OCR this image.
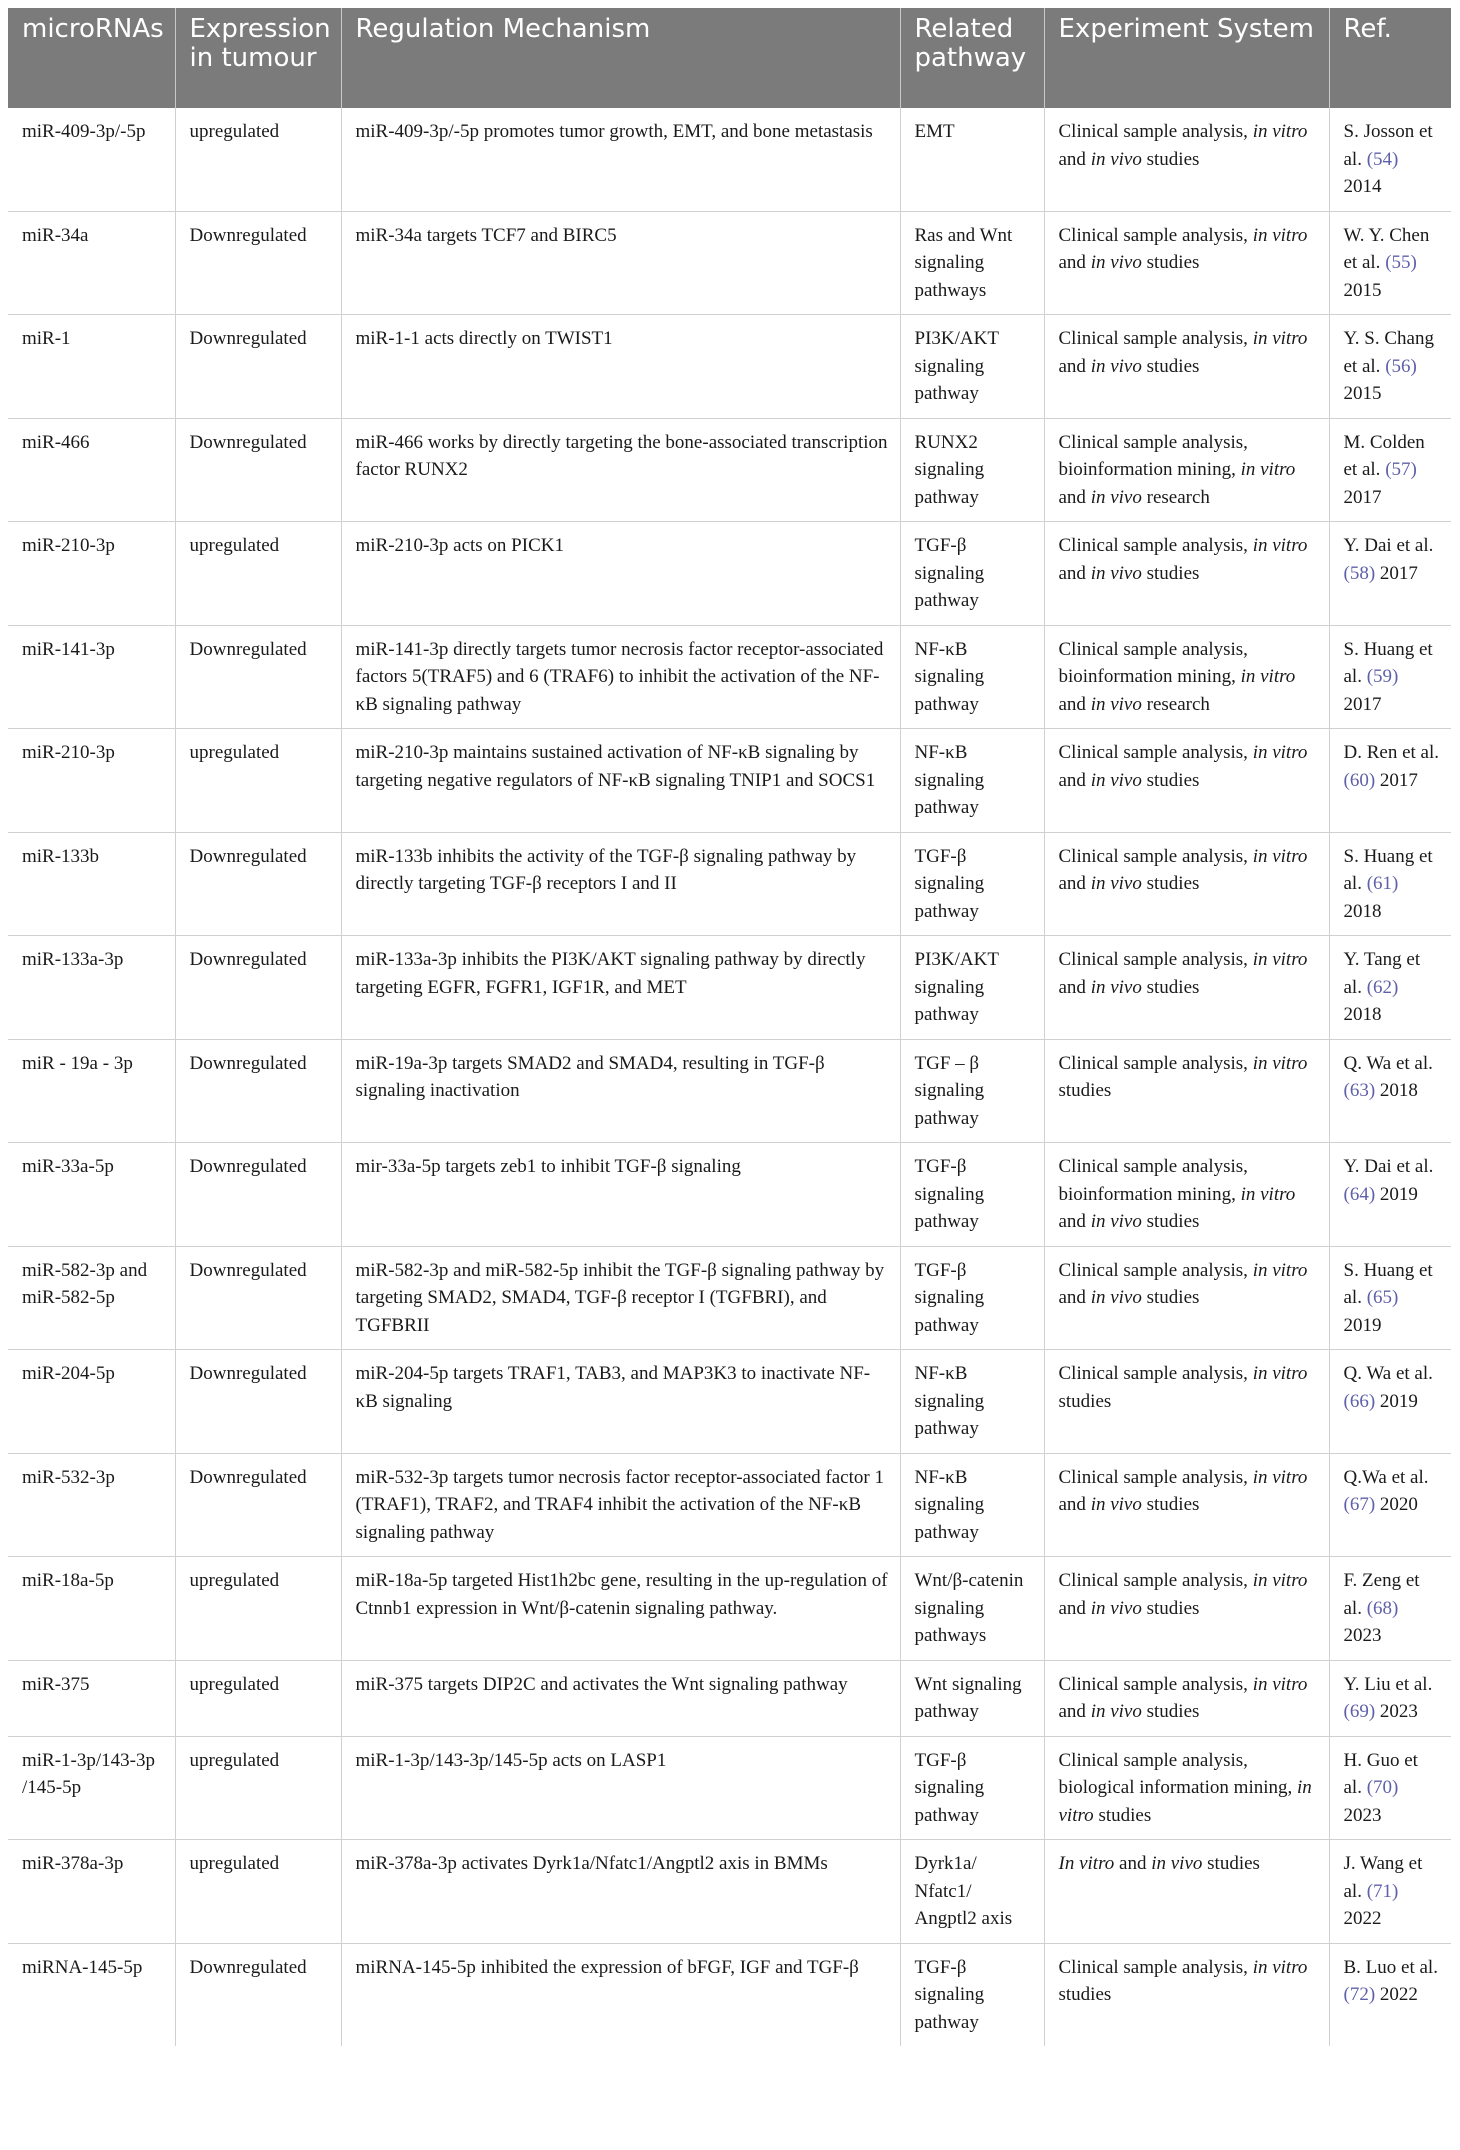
microRNAs	Expression in tumour	Regulation Mechanism	Related pathway	Experiment System	Ref.
miR-409-3p/-5p	upregulated	miR-409-3p/-5p promotes tumor growth, EMT, and bone metastasis	EMT	Clinical sample analysis, in vitro and in vivo studies	S. Josson et al. (54) 2014
miR-34a	Downregulated	miR-34a targets TCF7 and BIRC5	Ras and Wnt signaling pathways	Clinical sample analysis, in vitro and in vivo studies	W. Y. Chen et al. (55) 2015
miR-1	Downregulated	miR-1-1 acts directly on TWIST1	PI3K/AKT signaling pathway	Clinical sample analysis, in vitro and in vivo studies	Y. S. Chang et al. (56) 2015
miR-466	Downregulated	miR-466 works by directly targeting the bone-associated transcription factor RUNX2	RUNX2 signaling pathway	Clinical sample analysis, bioinformation mining, in vitro and in vivo research	M. Colden et al. (57) 2017
miR-210-3p	upregulated	miR-210-3p acts on PICK1	TGF-β signaling pathway	Clinical sample analysis, in vitro and in vivo studies	Y. Dai et al. (58) 2017
miR-141-3p	Downregulated	miR-141-3p directly targets tumor necrosis factor receptor-associated factors 5(TRAF5) and 6 (TRAF6) to inhibit the activation of the NF-κB signaling pathway	NF-κB signaling pathway	Clinical sample analysis, bioinformation mining, in vitro and in vivo research	S. Huang et al. (59) 2017
miR-210-3p	upregulated	miR-210-3p maintains sustained activation of NF-κB signaling by targeting negative regulators of NF-κB signaling TNIP1 and SOCS1	NF-κB signaling pathway	Clinical sample analysis, in vitro and in vivo studies	D. Ren et al. (60) 2017
miR-133b	Downregulated	miR-133b inhibits the activity of the TGF-β signaling pathway by directly targeting TGF-β receptors I and II	TGF-β signaling pathway	Clinical sample analysis, in vitro and in vivo studies	S. Huang et al. (61) 2018
miR-133a-3p	Downregulated	miR-133a-3p inhibits the PI3K/AKT signaling pathway by directly targeting EGFR, FGFR1, IGF1R, and MET	PI3K/AKT signaling pathway	Clinical sample analysis, in vitro and in vivo studies	Y. Tang et al. (62) 2018
miR - 19a - 3p	Downregulated	miR-19a-3p targets SMAD2 and SMAD4, resulting in TGF-β signaling inactivation	TGF – β signaling pathway	Clinical sample analysis, in vitro studies	Q. Wa et al. (63) 2018
miR-33a-5p	Downregulated	mir-33a-5p targets zeb1 to inhibit TGF-β signaling	TGF-β signaling pathway	Clinical sample analysis, bioinformation mining, in vitro and in vivo studies	Y. Dai et al. (64) 2019
miR-582-3p and miR-582-5p	Downregulated	miR-582-3p and miR-582-5p inhibit the TGF-β signaling pathway by targeting SMAD2, SMAD4, TGF-β receptor I (TGFBRI), and TGFBRII	TGF-β signaling pathway	Clinical sample analysis, in vitro and in vivo studies	S. Huang et al. (65) 2019
miR-204-5p	Downregulated	miR-204-5p targets TRAF1, TAB3, and MAP3K3 to inactivate NF-κB signaling	NF-κB signaling pathway	Clinical sample analysis, in vitro studies	Q. Wa et al. (66) 2019
miR-532-3p	Downregulated	miR-532-3p targets tumor necrosis factor receptor-associated factor 1 (TRAF1), TRAF2, and TRAF4 inhibit the activation of the NF-κB signaling pathway	NF-κB signaling pathway	Clinical sample analysis, in vitro and in vivo studies	Q.Wa et al. (67) 2020
miR-18a-5p	upregulated	miR-18a-5p targeted Hist1h2bc gene, resulting in the up-regulation of Ctnnb1 expression in Wnt/β-catenin signaling pathway.	Wnt/β-catenin signaling pathways	Clinical sample analysis, in vitro and in vivo studies	F. Zeng et al. (68) 2023
miR-375	upregulated	miR-375 targets DIP2C and activates the Wnt signaling pathway	Wnt signaling pathway	Clinical sample analysis, in vitro and in vivo studies	Y. Liu et al. (69) 2023
miR-1-3p/143-3p /145-5p	upregulated	miR-1-3p/143-3p/145-5p acts on LASP1	TGF-β signaling pathway	Clinical sample analysis, biological information mining, in vitro studies	H. Guo et al. (70) 2023
miR-378a-3p	upregulated	miR-378a-3p activates Dyrk1a/Nfatc1/Angptl2 axis in BMMs	Dyrk1a/ Nfatc1/ Angptl2 axis	In vitro and in vivo studies	J. Wang et al. (71) 2022
miRNA-145-5p	Downregulated	miRNA-145-5p inhibited the expression of bFGF, IGF and TGF-β	TGF-β signaling pathway	Clinical sample analysis, in vitro studies	B. Luo et al. (72) 2022
